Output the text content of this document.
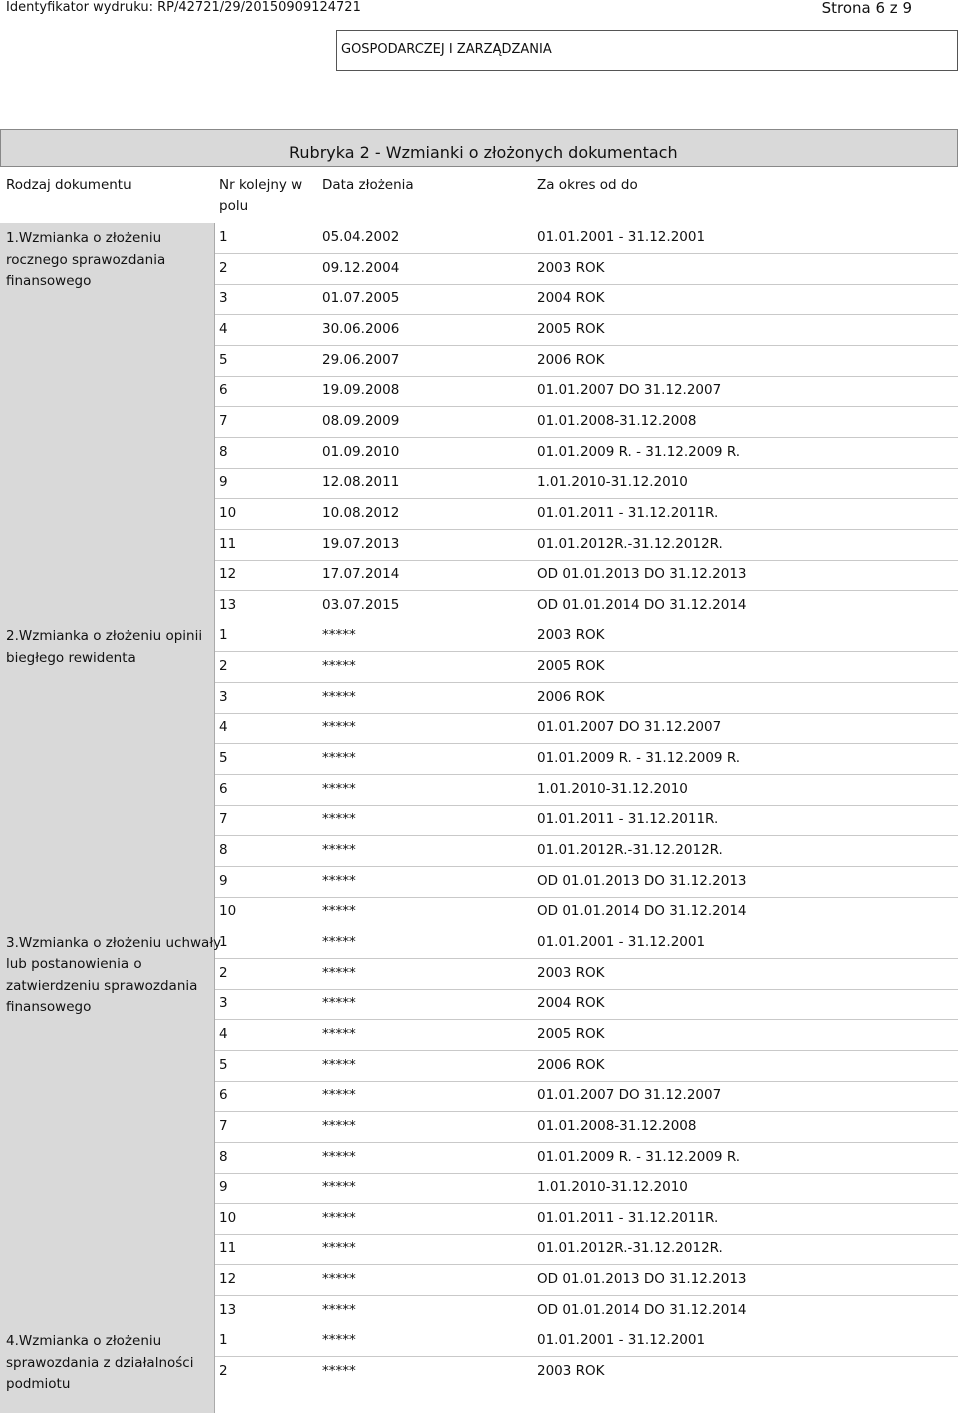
Identyfikator wydruku: RP/42721/29/20150909124721	Strona 6 z 9
GOSPODARCZEJ I ZARZĄDZANIA
Rubryka 2 - Wzmianki o złożonych dokumentach
Rodzaj dokumentu	Nr kolejny w
polu
Data złożenia	Za okres od do
1.Wzmianka o złożeniu
rocznego sprawozdania
finansowego
1	05.04.2002	01.01.2001 - 31.12.2001
2	09.12.2004	2003 ROK
3	01.07.2005	2004 ROK
4	30.06.2006	2005 ROK
5	29.06.2007	2006 ROK
6	19.09.2008	01.01.2007 DO 31.12.2007
7	08.09.2009	01.01.2008-31.12.2008
8	01.09.2010	01.01.2009 R. - 31.12.2009 R.
9	12.08.2011	1.01.2010-31.12.2010
10	10.08.2012	01.01.2011 - 31.12.2011R.
11	19.07.2013	01.01.2012R.-31.12.2012R.
12	17.07.2014	OD 01.01.2013 DO 31.12.2013
13	03.07.2015	OD 01.01.2014 DO 31.12.2014
2.Wzmianka o złożeniu opinii
biegłego rewidenta
1	*****	2003 ROK
2	*****	2005 ROK
3	*****	2006 ROK
4	*****	01.01.2007 DO 31.12.2007
5	*****	01.01.2009 R. - 31.12.2009 R.
6	*****	1.01.2010-31.12.2010
7	*****	01.01.2011 - 31.12.2011R.
8	*****	01.01.2012R.-31.12.2012R.
9	*****	OD 01.01.2013 DO 31.12.2013
10	*****	OD 01.01.2014 DO 31.12.2014
3.Wzmianka o złożeniu uchwały
lub postanowienia o
zatwierdzeniu sprawozdania
finansowego
1	*****	01.01.2001 - 31.12.2001
2	*****	2003 ROK
3	*****	2004 ROK
4	*****	2005 ROK
5	*****	2006 ROK
6	*****	01.01.2007 DO 31.12.2007
7	*****	01.01.2008-31.12.2008
8	*****	01.01.2009 R. - 31.12.2009 R.
9	*****	1.01.2010-31.12.2010
10	*****	01.01.2011 - 31.12.2011R.
11	*****	01.01.2012R.-31.12.2012R.
12	*****	OD 01.01.2013 DO 31.12.2013
13	*****	OD 01.01.2014 DO 31.12.2014
4.Wzmianka o złożeniu
sprawozdania z działalności
podmiotu
1	*****	01.01.2001 - 31.12.2001
2	*****	2003 ROK
